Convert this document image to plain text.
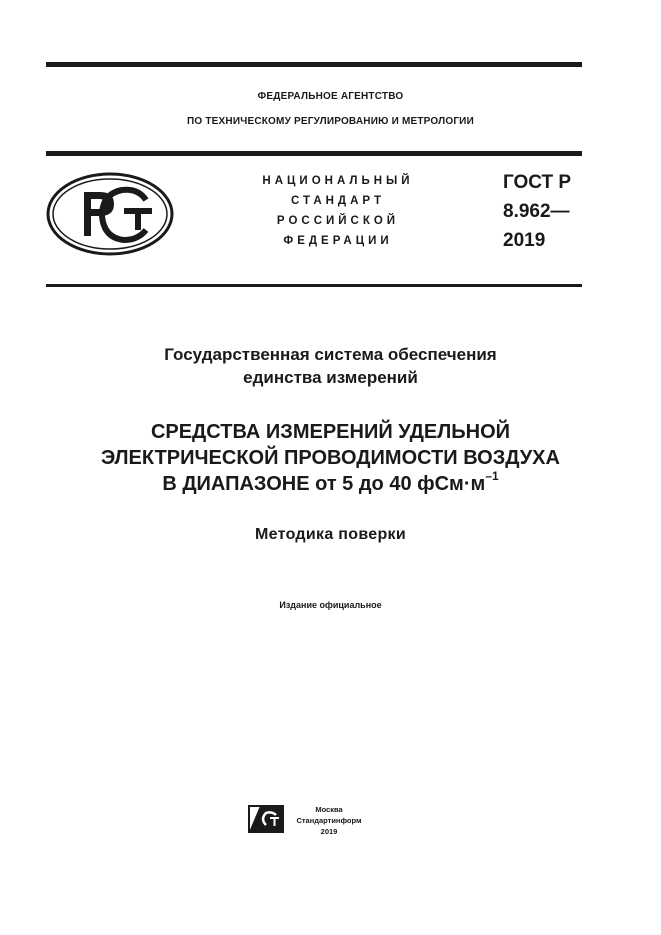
ФЕДЕРАЛЬНОЕ АГЕНТСТВО
ПО ТЕХНИЧЕСКОМУ РЕГУЛИРОВАНИЮ И МЕТРОЛОГИИ
НАЦИОНАЛЬНЫЙ
СТАНДАРТ
РОССИЙСКОЙ
ФЕДЕРАЦИИ
ГОСТ Р
8.962—
2019
Государственная система обеспечения
единства измерений
СРЕДСТВА ИЗМЕРЕНИЙ УДЕЛЬНОЙ
ЭЛЕКТРИЧЕСКОЙ ПРОВОДИМОСТИ ВОЗДУХА
В ДИАПАЗОНЕ от 5 до 40 $фСм\cdot м^{-1}$
Методика поверки
Издание официальное
Москва
Стандартинформ
2019
